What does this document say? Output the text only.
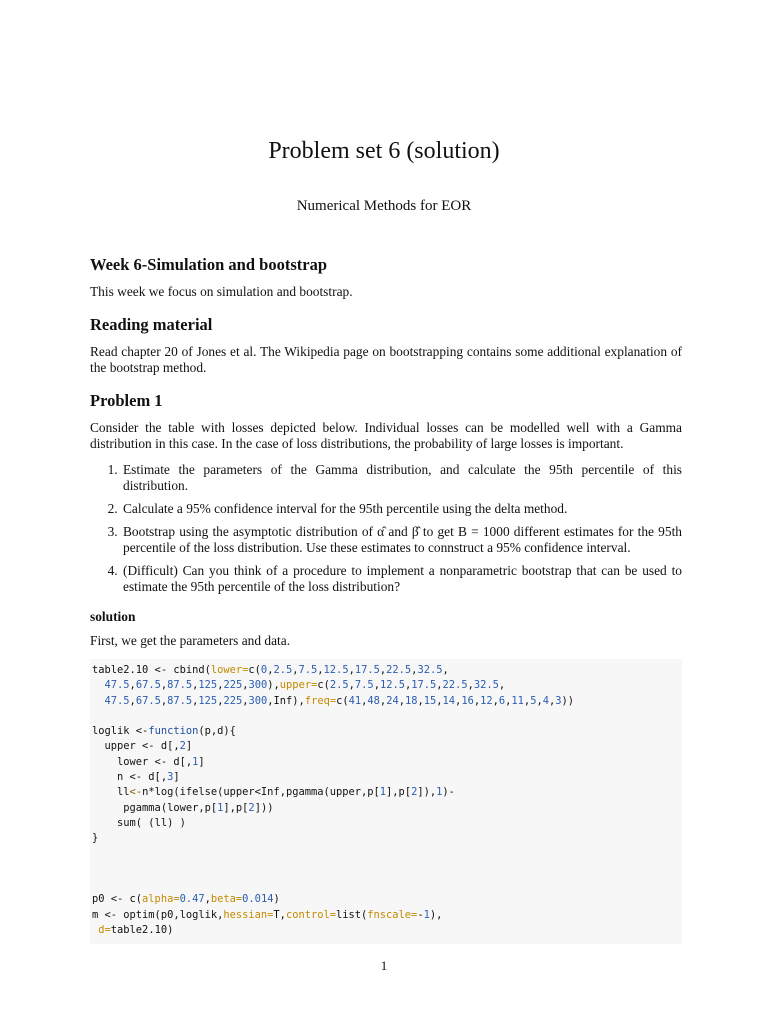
Problem set 6 (solution)
Numerical Methods for EOR
Week 6-Simulation and bootstrap

This week we focus on simulation and bootstrap.

Reading material

Read chapter 20 of Jones et al. The Wikipedia page on bootstrapping contains some additional explanation of the bootstrap method.

Problem 1

Consider the table with losses depicted below. Individual losses can be modelled well with a Gamma distribution in this case. In the case of loss distributions, the probability of large losses is important.

1. Estimate the parameters of the Gamma distribution, and calculate the 95th percentile of this distribution.
2. Calculate a 95% confidence interval for the 95th percentile using the delta method.
3. Bootstrap using the asymptotic distribution of α̂ and β̂ to get B = 1000 different estimates for the 95th percentile of the loss distribution. Use these estimates to connstruct a 95% confidence interval.
4. (Difficult) Can you think of a procedure to implement a nonparametric bootstrap that can be used to estimate the 95th percentile of the loss distribution?
solution

First, we get the parameters and data.

table2.10 <- cbind(lower=c(0,2.5,7.5,12.5,17.5,22.5,32.5,
47.5,67.5,87.5,125,225,300),upper=c(2.5,7.5,12.5,17.5,22.5,32.5,
47.5,67.5,87.5,125,225,300,Inf),freq=c(41,48,24,18,15,14,16,12,6,11,5,4,3))

loglik <-function(p,d){
upper <- d[,2]
lower <- d[,1]
n <- d[,3]
ll<-n*log(ifelse(upper<Inf,pgamma(upper,p[1],p[2]),1)-
pgamma(lower,p[1],p[2]))
sum( (ll) )
}

p0 <- c(alpha=0.47,beta=0.014)
m <- optim(p0,loglik,hessian=T,control=list(fnscale=-1),
d=table2.10)
1
